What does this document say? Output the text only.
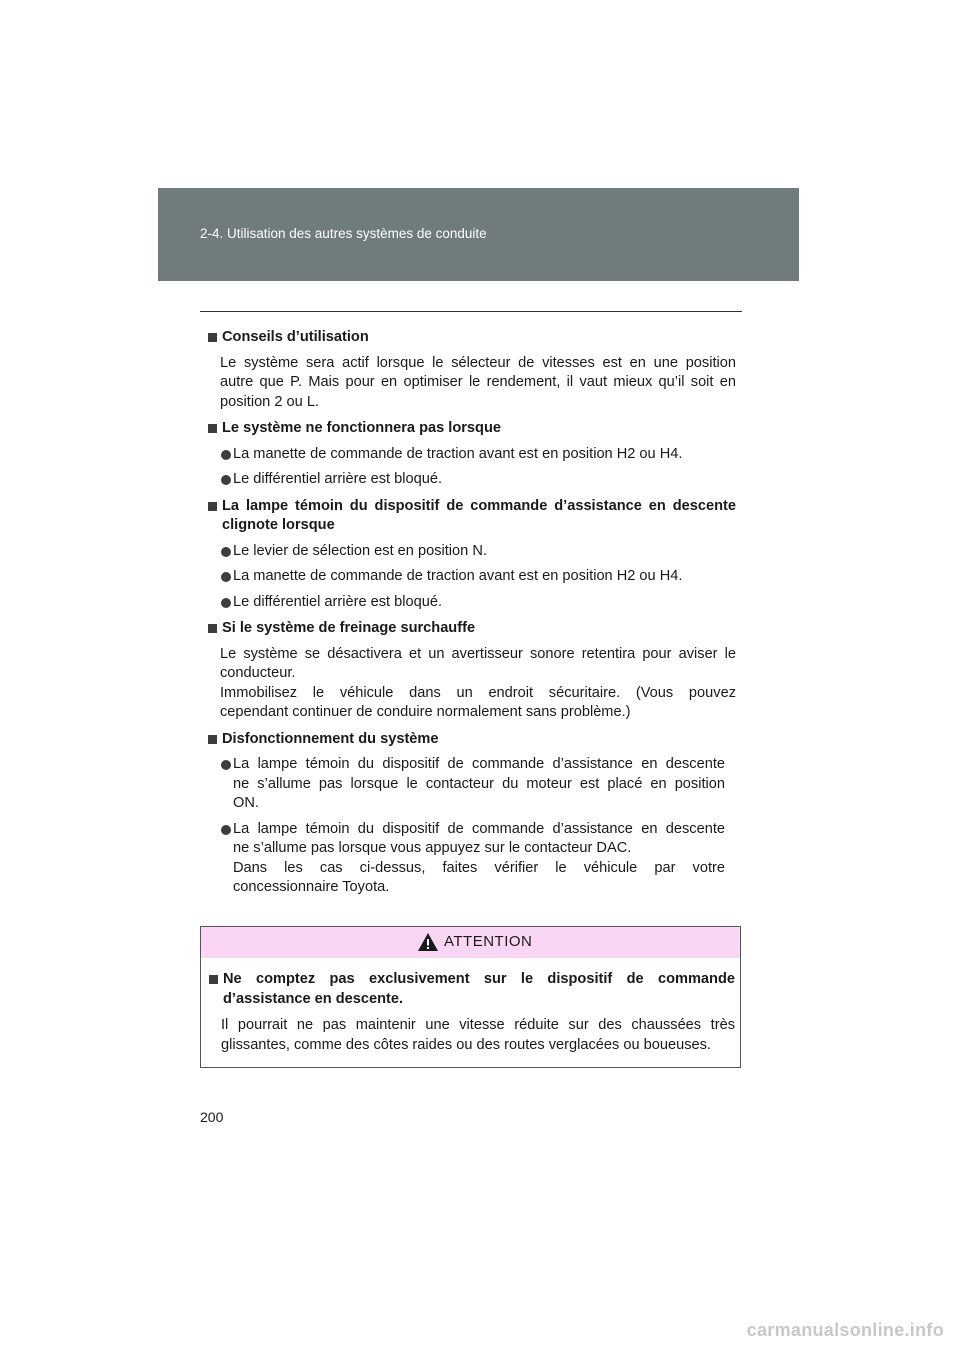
2-4. Utilisation des autres systèmes de conduite
Conseils d’utilisation
Le système sera actif lorsque le sélecteur de vitesses est en une position
autre que P. Mais pour en optimiser le rendement, il vaut mieux qu’il soit en
position 2 ou L.
Le système ne fonctionnera pas lorsque
La manette de commande de traction avant est en position H2 ou H4.
Le différentiel arrière est bloqué.
La lampe témoin du dispositif de commande d’assistance en descente
clignote lorsque
Le levier de sélection est en position N.
La manette de commande de traction avant est en position H2 ou H4.
Le différentiel arrière est bloqué.
Si le système de freinage surchauffe
Le système se désactivera et un avertisseur sonore retentira pour aviser le
conducteur.
Immobilisez le véhicule dans un endroit sécuritaire. (Vous pouvez
cependant continuer de conduire normalement sans problème.)
Disfonctionnement du système
La lampe témoin du dispositif de commande d’assistance en descente
ne s’allume pas lorsque le contacteur du moteur est placé en position
ON.
La lampe témoin du dispositif de commande d’assistance en descente
ne s’allume pas lorsque vous appuyez sur le contacteur DAC.
Dans les cas ci-dessus, faites vérifier le véhicule par votre
concessionnaire Toyota.
ATTENTION
Ne comptez pas exclusivement sur le dispositif de commande
d’assistance en descente.
Il pourrait ne pas maintenir une vitesse réduite sur des chaussées très
glissantes, comme des côtes raides ou des routes verglacées ou boueuses.
200
carmanualsonline.info
